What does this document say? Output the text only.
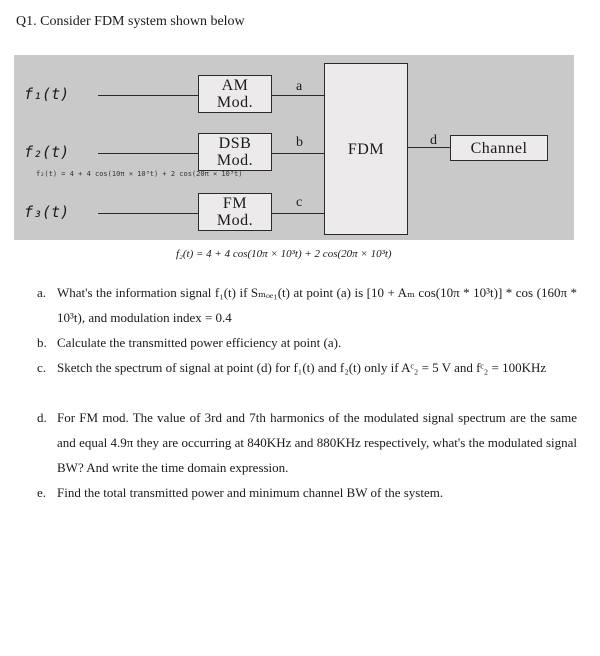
Q1. Consider FDM system shown below
f₁(t)
f₂(t)
f₃(t)
AM
Mod.
DSB
Mod.
FM
Mod.
a
b
c
FDM	d Channel
f₂(t) = 4 + 4 cos(10π × 10³t) + 2 cos(20π × 10³t)
f₂(t) = 4 + 4 cos(10π × 10³t) + 2 cos(20π × 10³t)
a. What's the information signal f₁(t) if Sₘₒₑ₁(t) at point (a) is [10 + Aₘ cos(10π * 10³t)] * cos (160π * 10³t), and modulation index = 0.4
b. Calculate the transmitted power efficiency at point (a).
c. Sketch the spectrum of signal at point (d) for f₁(t) and f₂(t) only if Aᶜ₂ = 5 V and fᶜ₂ = 100KHz
d. For FM mod. The value of 3rd and 7th harmonics of the modulated signal spectrum are the same and equal 4.9π they are occurring at 840KHz and 880KHz respectively, what's the modulated signal BW? And write the time domain expression.
e. Find the total transmitted power and minimum channel BW of the system.
